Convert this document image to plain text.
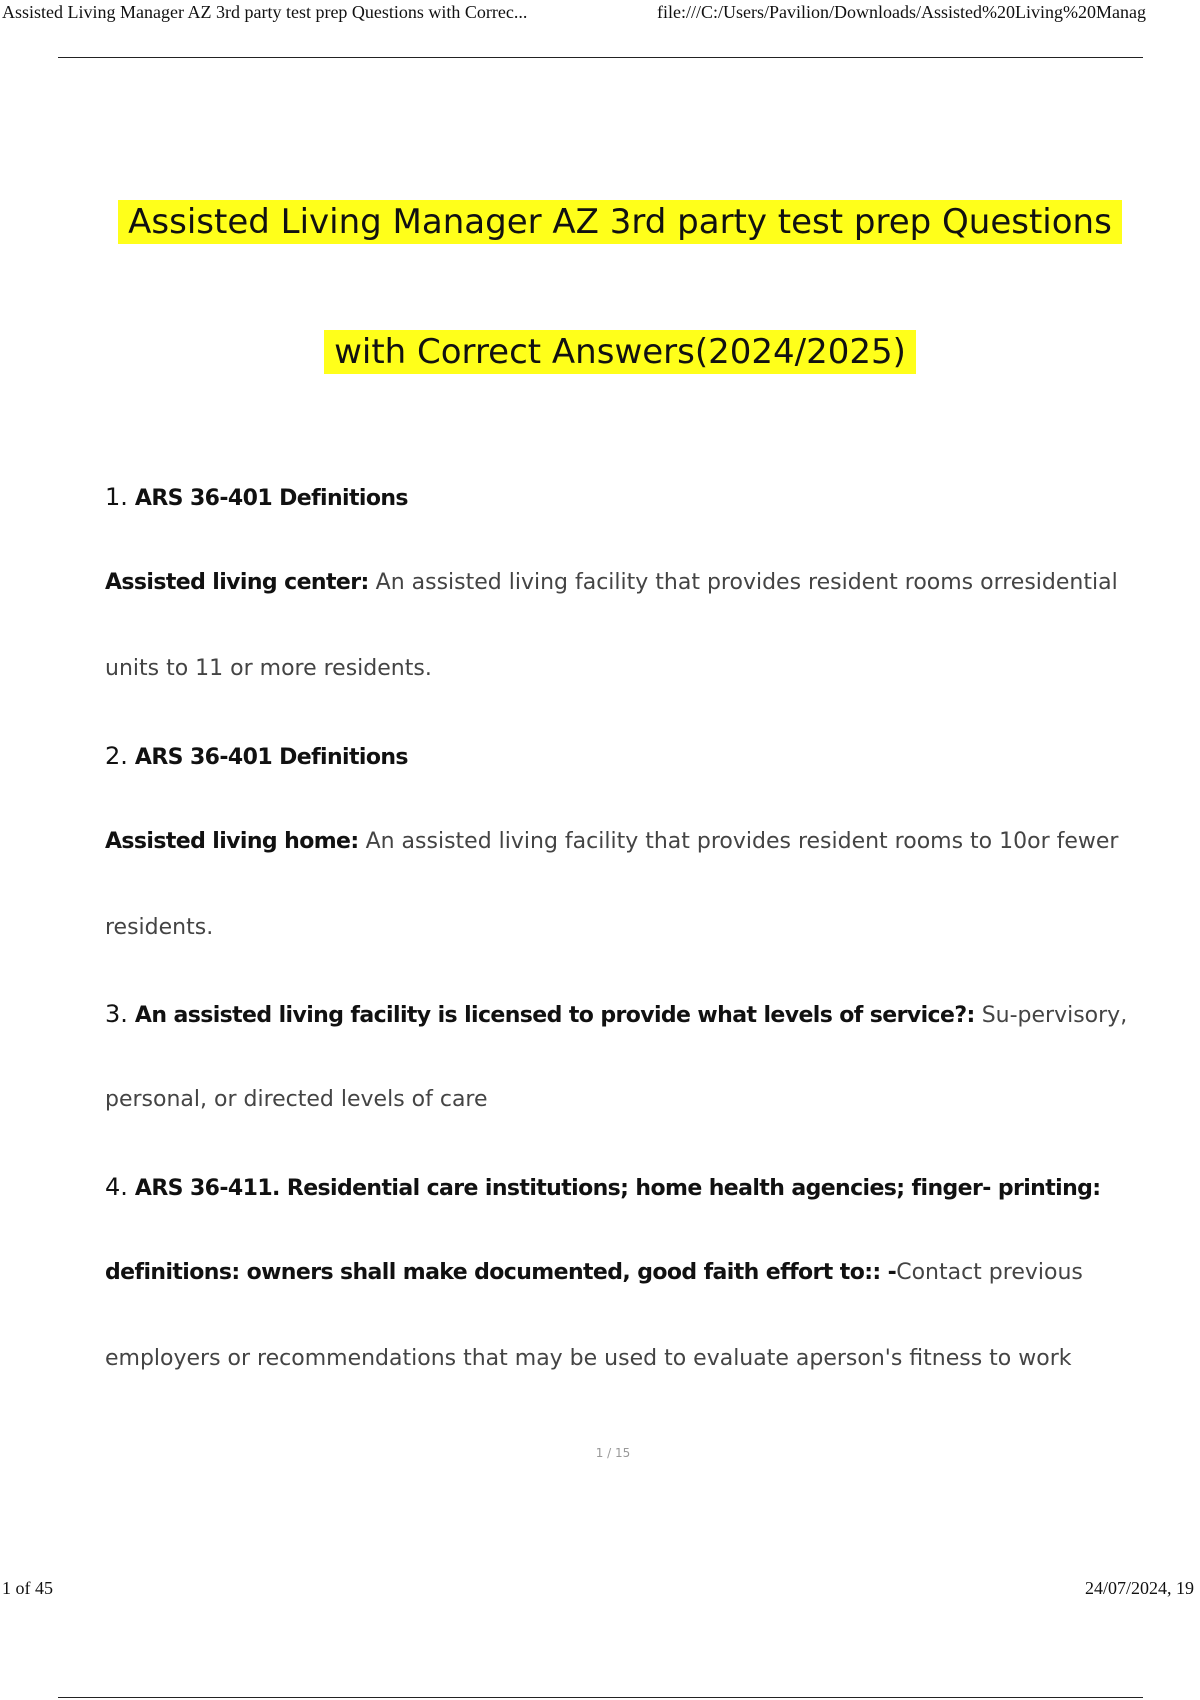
Assisted Living Manager AZ 3rd party test prep Questions with Correc...	file:///C:/Users/Pavilion/Downloads/Assisted%20Living%20Manag
Assisted Living Manager AZ 3rd party test prep Questions
with Correct Answers(2024/2025)
1. ARS 36-401 Definitions
Assisted living center: An assisted living facility that provides resident rooms orresidential
units to 11 or more residents.
2. ARS 36-401 Definitions
Assisted living home: An assisted living facility that provides resident rooms to 10or fewer
residents.
3. An assisted living facility is licensed to provide what levels of service?: Su-pervisory,
personal, or directed levels of care
4. ARS 36-411. Residential care institutions; home health agencies; finger- printing:
definitions: owners shall make documented, good faith effort to:: -Contact previous
employers or recommendations that may be used to evaluate aperson's fitness to work
1 / 15
1 of 45	24/07/2024, 19
